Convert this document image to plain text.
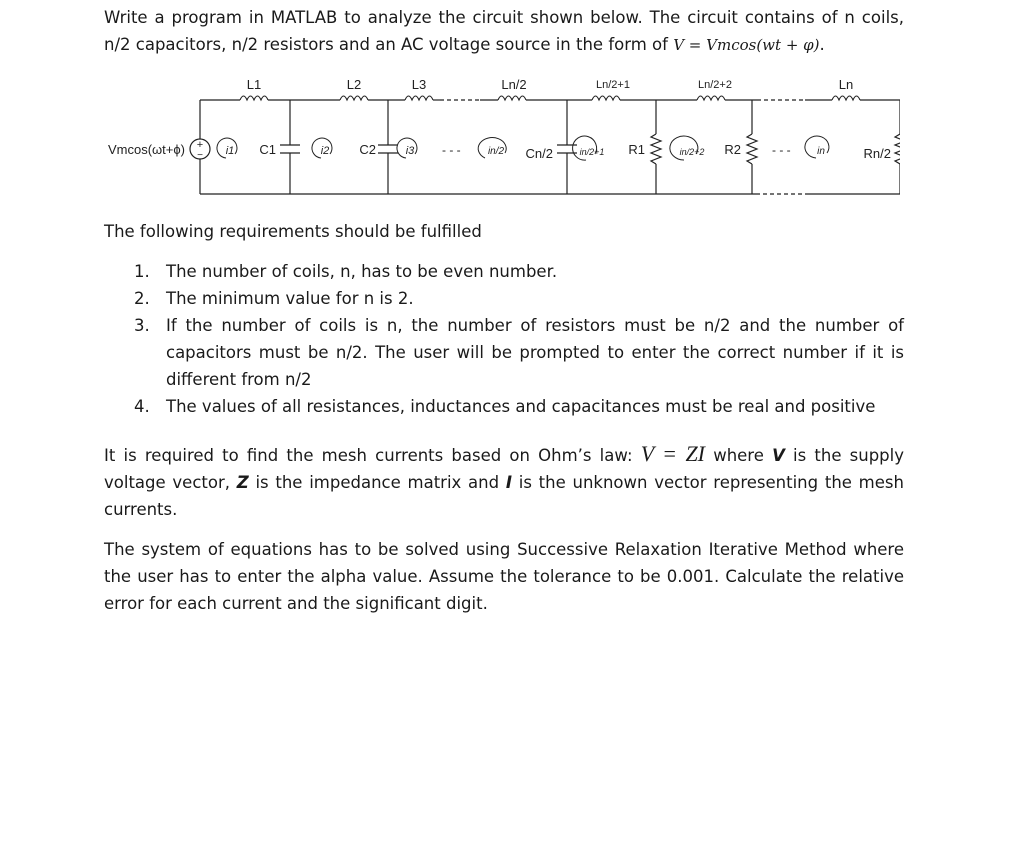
Write a program in MATLAB to analyze the circuit shown below. The circuit contains of n coils, n/2 capacitors, n/2 resistors and an AC voltage source in the form of V = Vmcos(wt + φ).

+
−
Vmcos(ωt+ϕ)
L1	L2	L3	Ln/2	Ln/2+1	Ln/2+2	Ln
C1	C2	Cn/2	R1	R2	Rn/2
i1	i2	i3	in/2	in/2+1	in/2+2	in
- - -	- - -

The following requirements should be fulfilled

1. The number of coils, n, has to be even number.
2. The minimum value for n is 2.
3. If the number of coils is n, the number of resistors must be n/2 and the number of capacitors must be n/2. The user will be prompted to enter the correct number if it is different from n/2
4. The values of all resistances, inductances and capacitances must be real and positive

It is required to find the mesh currents based on Ohm’s law: V = ZI where V is the supply voltage vector, Z is the impedance matrix and I is the unknown vector representing the mesh currents.

The system of equations has to be solved using Successive Relaxation Iterative Method where the user has to enter the alpha value. Assume the tolerance to be 0.001. Calculate the relative error for each current and the significant digit.
